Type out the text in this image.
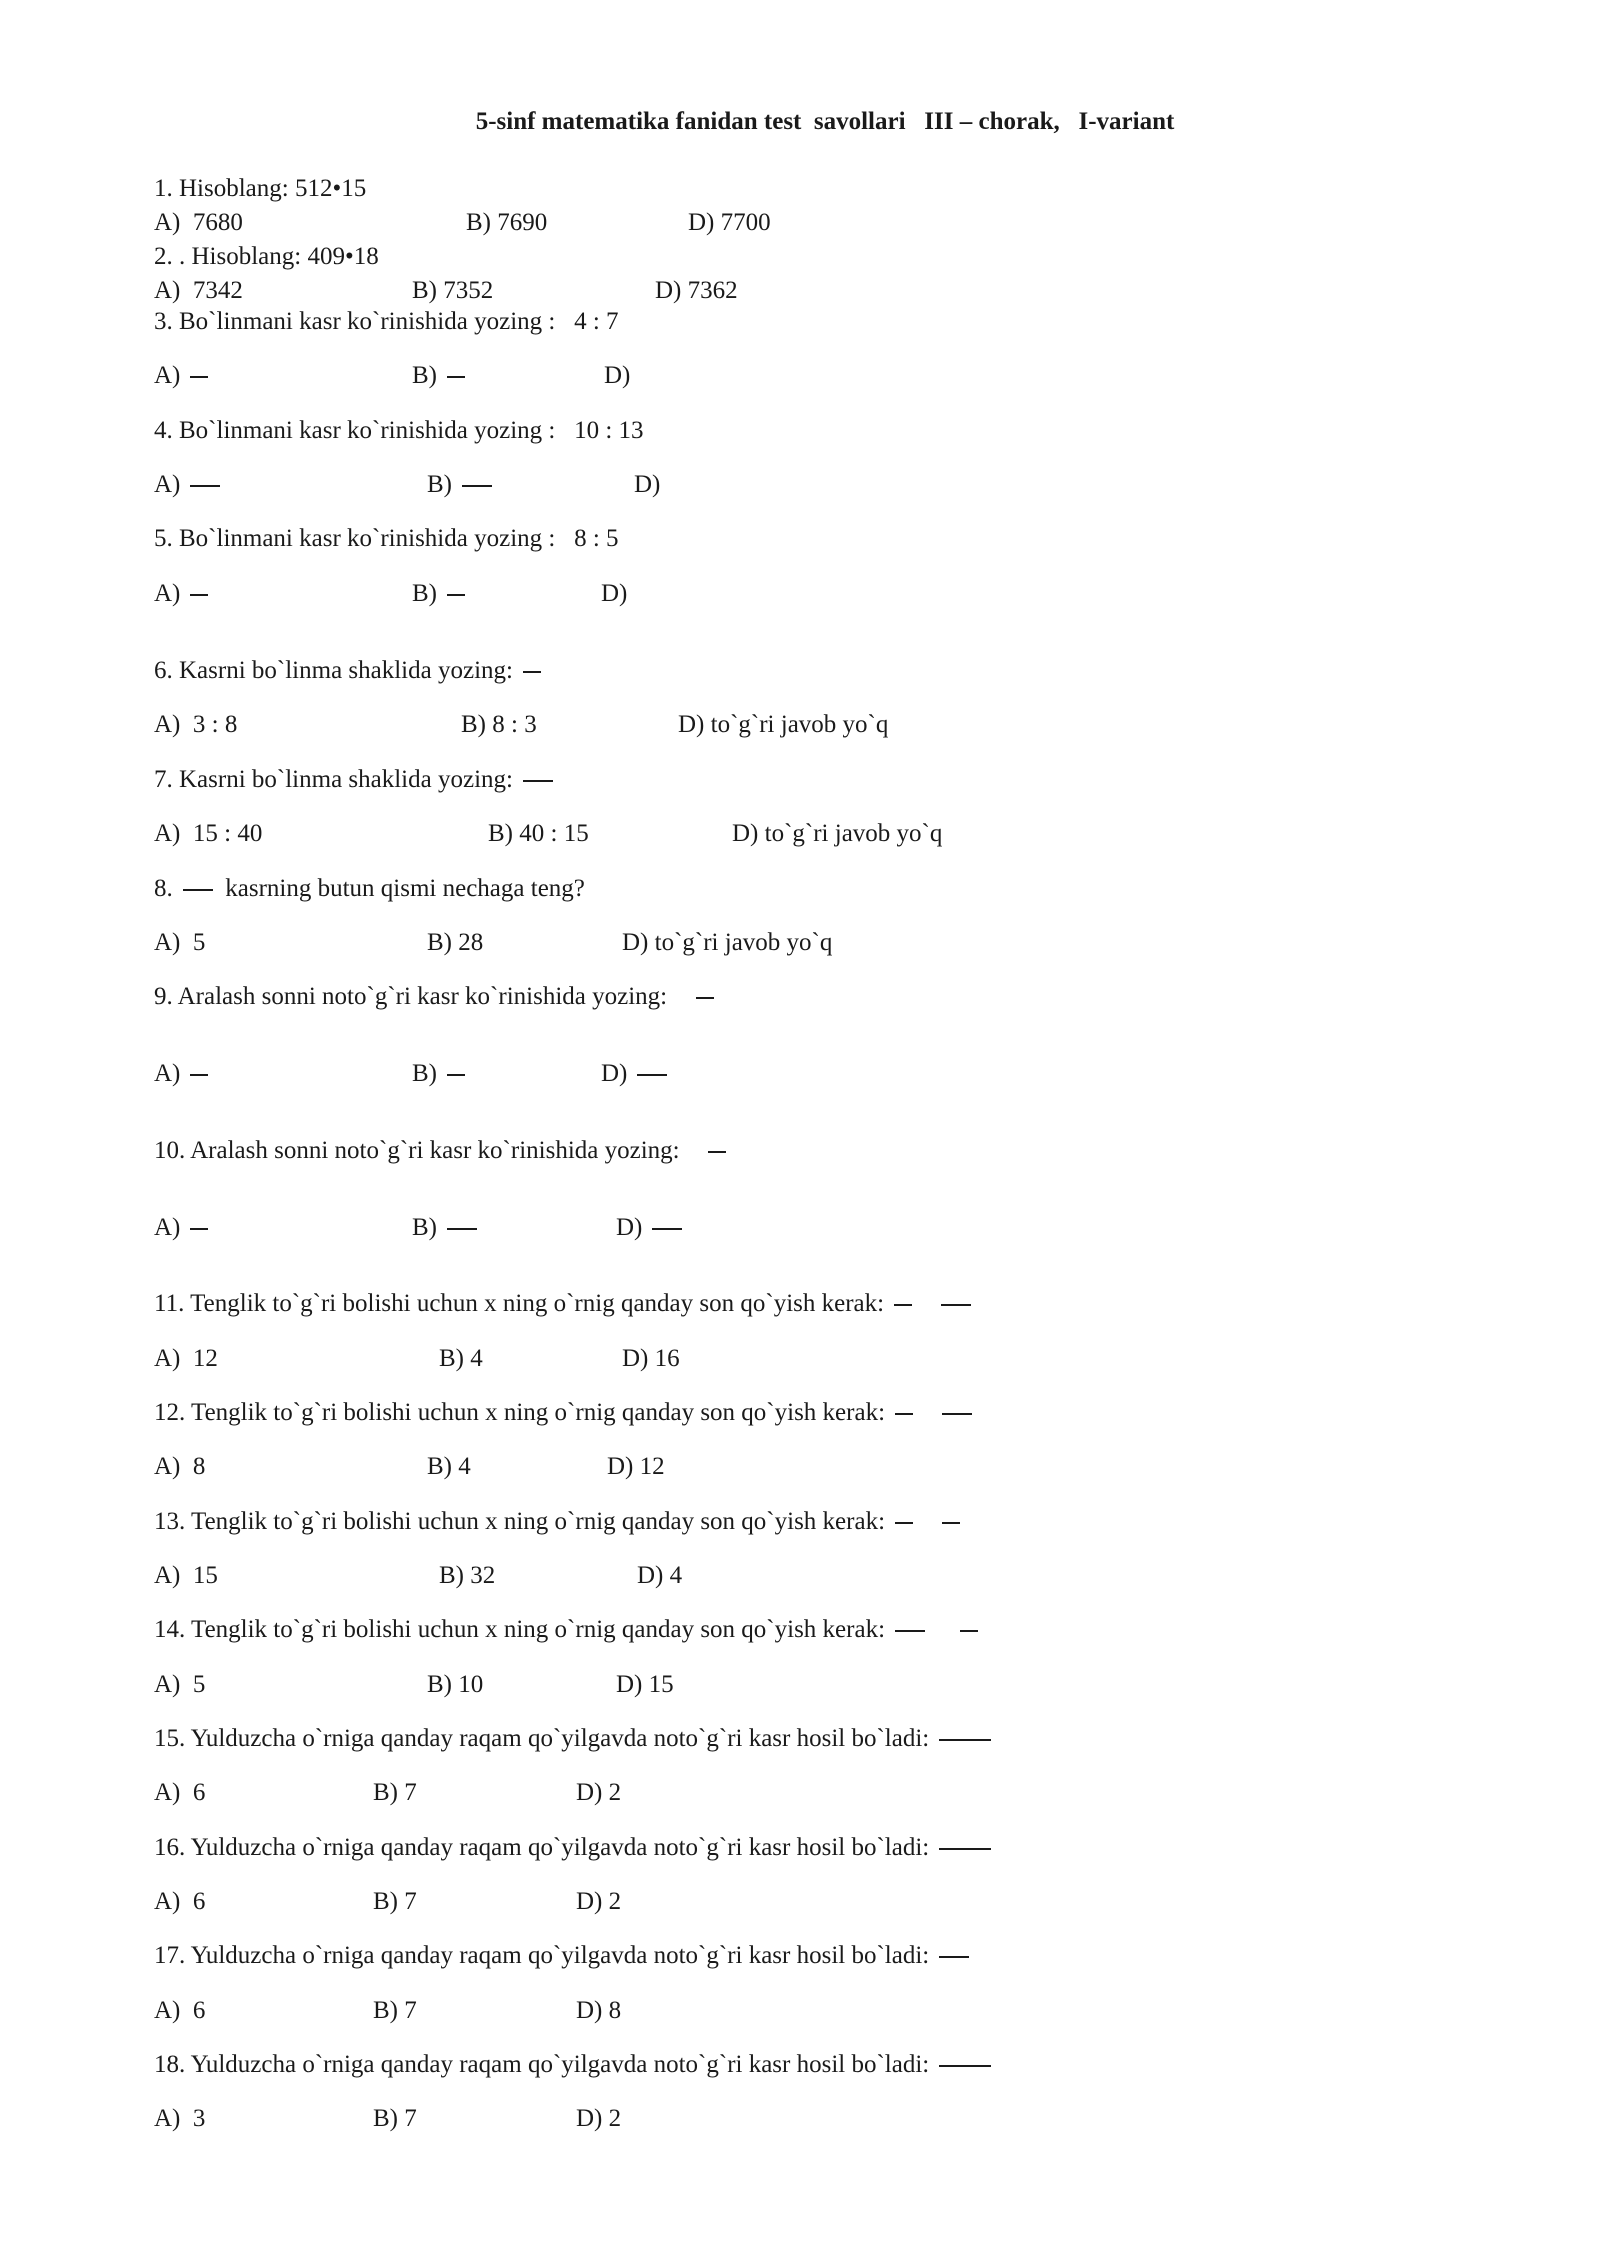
5-sinf matematika fanidan test  savollari   III – chorak,   I-variant
1. Hisoblang: 512•15
A)  7680	B) 7690	D) 7700
2. . Hisoblang: 409•18
A)  7342	B) 7352	D) 7362
3. Bo`linmani kasr ko`rinishida yozing :   4 : 7
A)	B)	D)
4. Bo`linmani kasr ko`rinishida yozing :   10 : 13
A)	B)	D)
5. Bo`linmani kasr ko`rinishida yozing :   8 : 5
A)	B)	D)
6. Kasrni bo`linma shaklida yozing:
A)  3 : 8	B) 8 : 3	D) to`g`ri javob yo`q
7. Kasrni bo`linma shaklida yozing:
A)  15 : 40	B) 40 : 15	D) to`g`ri javob yo`q
8. kasrning butun qismi nechaga teng?
A)  5	B) 28	D) to`g`ri javob yo`q
9. Aralash sonni noto`g`ri kasr ko`rinishida yozing:
A)	B)	D)
10. Aralash sonni noto`g`ri kasr ko`rinishida yozing:
A)	B)	D)
11. Tenglik to`g`ri bolishi uchun x ning o`rnig qanday son qo`yish kerak:
A)  12	B) 4	D) 16
12. Tenglik to`g`ri bolishi uchun x ning o`rnig qanday son qo`yish kerak:
A)  8	B) 4	D) 12
13. Tenglik to`g`ri bolishi uchun x ning o`rnig qanday son qo`yish kerak:
A)  15	B) 32	D) 4
14. Tenglik to`g`ri bolishi uchun x ning o`rnig qanday son qo`yish kerak:
A)  5	B) 10	D) 15
15. Yulduzcha o`rniga qanday raqam qo`yilgavda noto`g`ri kasr hosil bo`ladi:
A)  6	B) 7	D) 2
16. Yulduzcha o`rniga qanday raqam qo`yilgavda noto`g`ri kasr hosil bo`ladi:
A)  6	B) 7	D) 2
17. Yulduzcha o`rniga qanday raqam qo`yilgavda noto`g`ri kasr hosil bo`ladi:
A)  6	B) 7	D) 8
18. Yulduzcha o`rniga qanday raqam qo`yilgavda noto`g`ri kasr hosil bo`ladi:
A)  3	B) 7	D) 2
